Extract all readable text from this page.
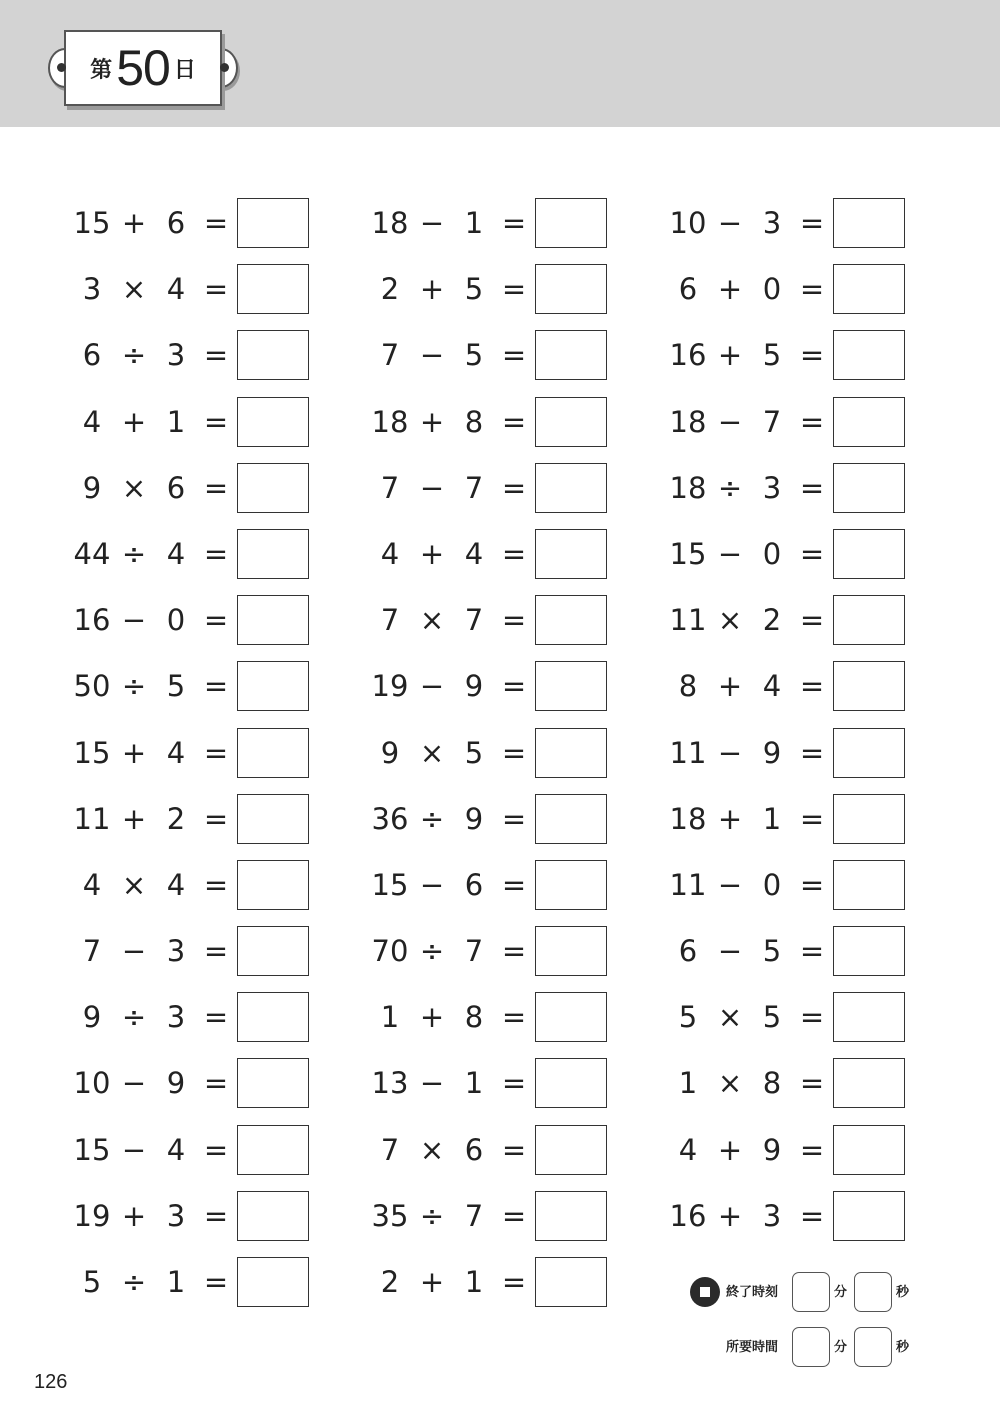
第 50 日
15 + 6 =
3 × 4 =
6 ÷ 3 =
4 + 1 =
9 × 6 =
44 ÷ 4 =
16 − 0 =
50 ÷ 5 =
15 + 4 =
11 + 2 =
4 × 4 =
7 − 3 =
9 ÷ 3 =
10 − 9 =
15 − 4 =
19 + 3 =
5 ÷ 1 =
18 − 1 =
2 + 5 =
7 − 5 =
18 + 8 =
7 − 7 =
4 + 4 =
7 × 7 =
19 − 9 =
9 × 5 =
36 ÷ 9 =
15 − 6 =
70 ÷ 7 =
1 + 8 =
13 − 1 =
7 × 6 =
35 ÷ 7 =
2 + 1 =
10 − 3 =
6 + 0 =
16 + 5 =
18 − 7 =
18 ÷ 3 =
15 − 0 =
11 × 2 =
8 + 4 =
11 − 9 =
18 + 1 =
11 − 0 =
6 − 5 =
5 × 5 =
1 × 8 =
4 + 9 =
16 + 3 =
終了時刻	分	秒
所要時間	分	秒
126
